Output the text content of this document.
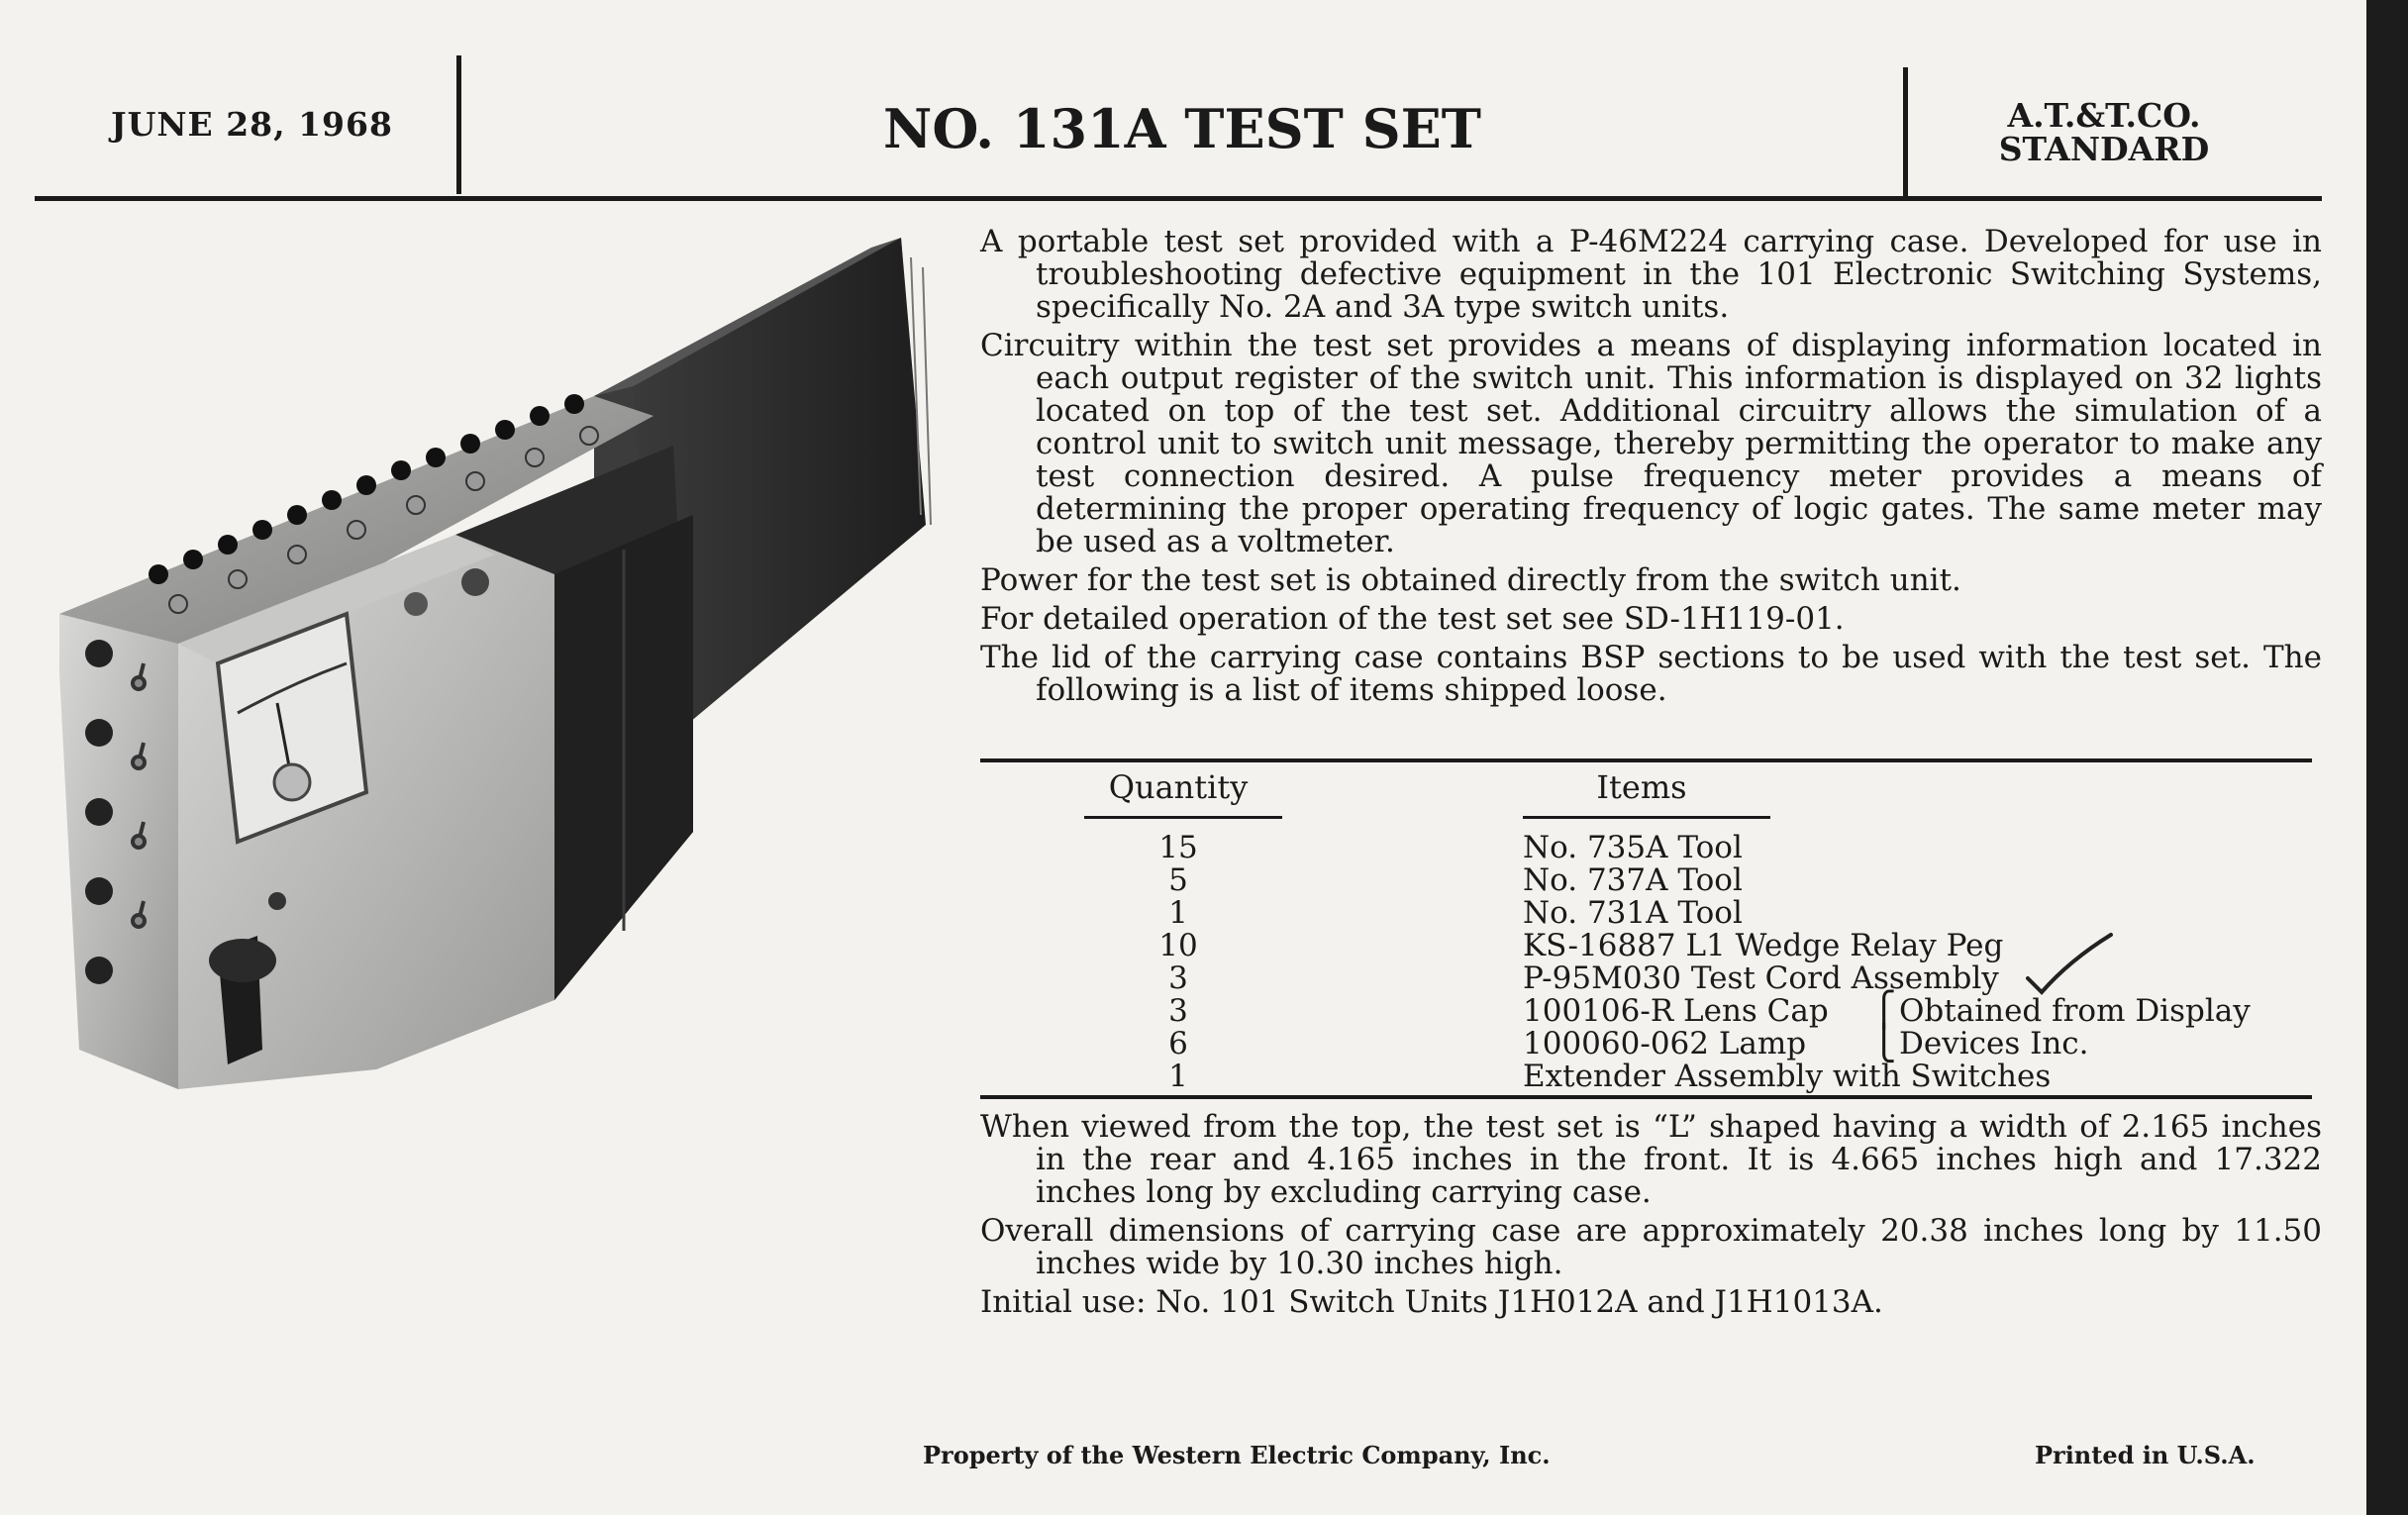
JUNE 28, 1968	NO. 131A TEST SET	A.T.&T.CO.
STANDARD

A portable test set provided with a P-46M224 carrying case. Developed for use in troubleshooting defective equipment in the 101 Electronic Switching Systems, specifically No. 2A and 3A type switch units.

Circuitry within the test set provides a means of displaying information located in each output register of the switch unit. This information is displayed on 32 lights located on top of the test set. Additional circuitry allows the simulation of a control unit to switch unit message, thereby permitting the operator to make any test connection desired. A pulse frequency meter provides a means of determining the proper operating frequency of logic gates. The same meter may be used as a voltmeter.

Power for the test set is obtained directly from the switch unit.

For detailed operation of the test set see SD-1H119-01.

The lid of the carrying case contains BSP sections to be used with the test set. The following is a list of items shipped loose.

Quantity	Items
15	No. 735A Tool
5	No. 737A Tool
1	No. 731A Tool
10	KS-16887 L1 Wedge Relay Peg
3	P-95M030 Test Cord Assembly
3	100106-R Lens Cap
6	100060-062 Lamp
1	Extender Assembly with Switches
⎧
⎩
Obtained from Display
Devices Inc.

When viewed from the top, the test set is “L” shaped having a width of 2.165 inches in the rear and 4.165 inches in the front. It is 4.665 inches high and 17.322 inches long by excluding carrying case.

Overall dimensions of carrying case are approximately 20.38 inches long by 11.50 inches wide by 10.30 inches high.

Initial use: No. 101 Switch Units J1H012A and J1H1013A.

Property of the Western Electric Company, Inc.	Printed in U.S.A.
